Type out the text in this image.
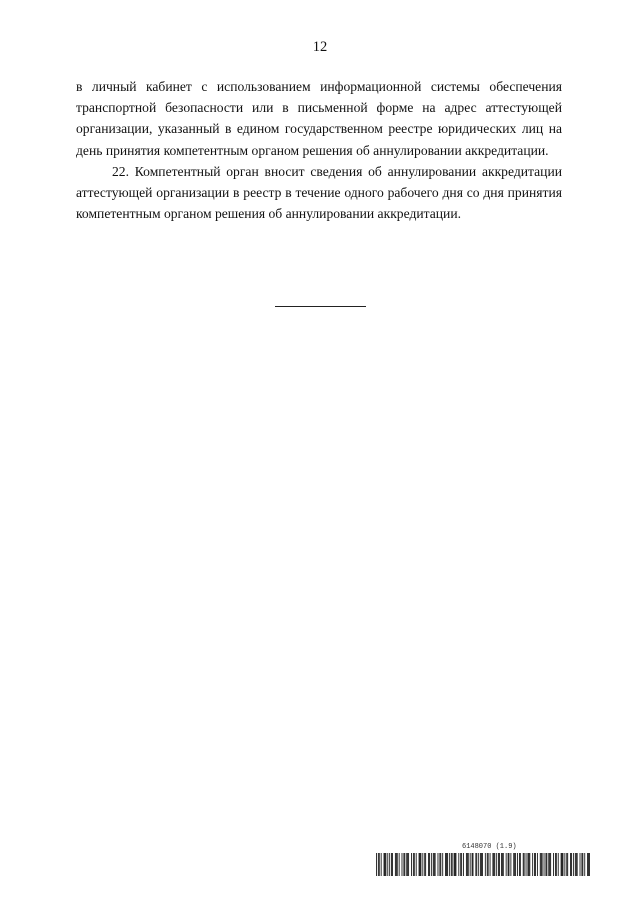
12

в личный кабинет с использованием информационной системы обеспечения транспортной безопасности или в письменной форме на адрес аттестующей организации, указанный в едином государственном реестре юридических лиц на день принятия компетентным органом решения об аннулировании аккредитации.

22. Компетентный орган вносит сведения об аннулировании аккредитации аттестующей организации в реестр в течение одного рабочего дня со дня принятия компетентным органом решения об аннулировании аккредитации.

6148070 (1.9)
